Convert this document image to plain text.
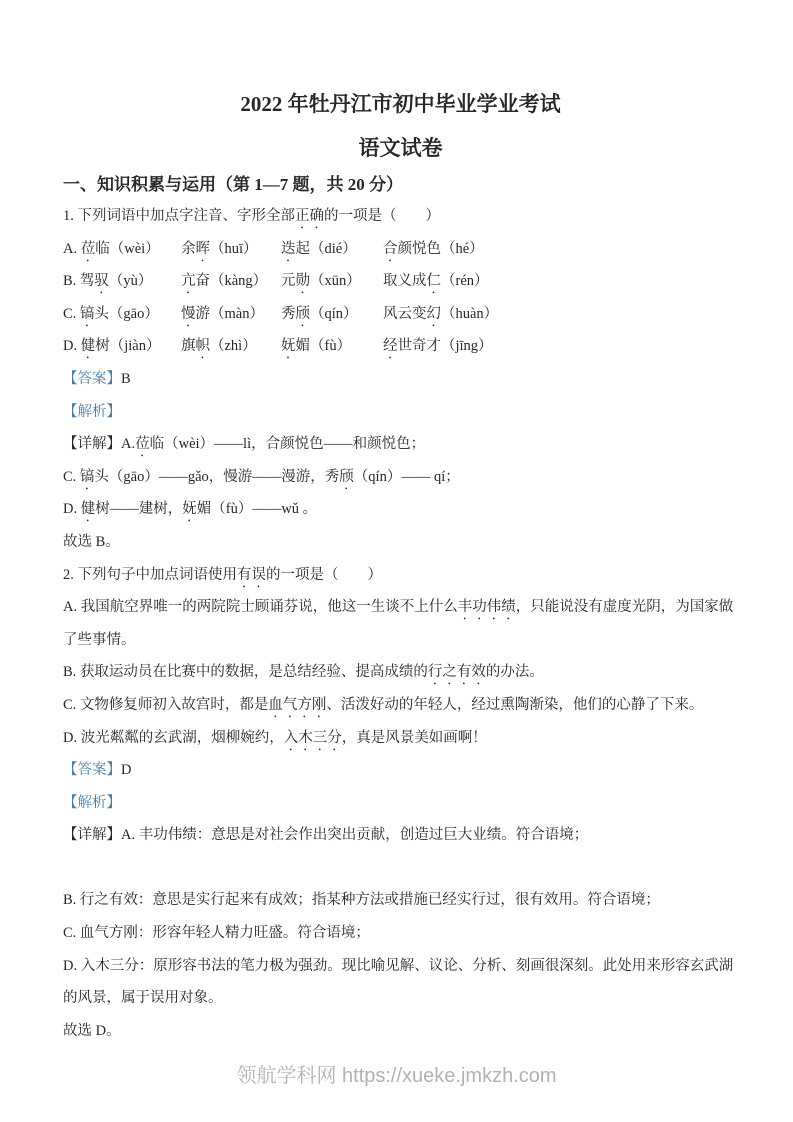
2022 年牡丹江市初中毕业学业考试
语文试卷
一、知识积累与运用（第 1—7 题，共 20 分）

1. 下列词语中加点字注音、字形全部正确的一项是（　　）

A. 莅临（wèi）	余晖（huī）	迭起（dié）	合颜悦色（hé）
B. 驾驭（yù）	亢奋（kàng） 元勋（xūn）	取义成仁（rén）
C. 镐头（gāo）	慢游（màn）	秀颀（qín）	风云变幻（huàn）
D. 健树（jiàn）	旗帜（zhì）	妩媚（fù）	经世奇才（jīng）

【答案】B

【解析】

【详解】A.莅临（wèi）——lì，合颜悦色——和颜悦色；

C. 镐头（gāo）——gǎo，慢游——漫游，秀颀（qín）—— qí；

D. 健树——建树，妩媚（fù）——wǔ 。

故选 B。

2. 下列句子中加点词语使用有误的一项是（　　）

A. 我国航空界唯一的两院院士顾诵芬说，他这一生谈不上什么丰功伟绩，只能说没有虚度光阴，为国家做了些事情。

B. 获取运动员在比赛中的数据，是总结经验、提高成绩的行之有效的办法。

C. 文物修复师初入故宫时，都是血气方刚、活泼好动的年轻人，经过熏陶渐染，他们的心静了下来。

D. 波光粼粼的玄武湖，烟柳婉约，入木三分，真是风景美如画啊！

【答案】D

【解析】

【详解】A. 丰功伟绩：意思是对社会作出突出贡献，创造过巨大业绩。符合语境；

B. 行之有效：意思是实行起来有成效；指某种方法或措施已经实行过，很有效用。符合语境；

C. 血气方刚：形容年轻人精力旺盛。符合语境；

D. 入木三分：原形容书法的笔力极为强劲。现比喻见解、议论、分析、刻画很深刻。此处用来形容玄武湖的风景，属于误用对象。

故选 D。

领航学科网 https://xueke.jmkzh.com
